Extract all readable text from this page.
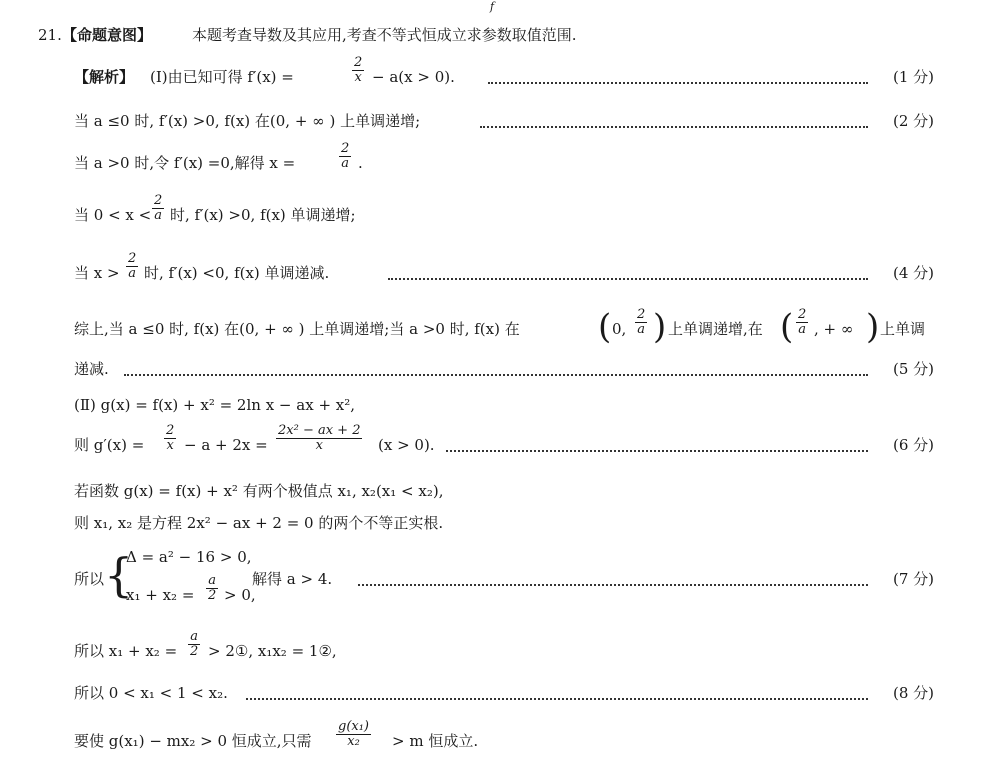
f
21. 【命题意图】	本题考查导数及其应用,考查不等式恒成立求参数取值范围.
【解析】 (Ⅰ)由已知可得 f′(x) =	$\frac{2}{x} - a(x > 0)$.	(1 分)
当 a ≤0 时, f′(x) >0, f(x) 在(0, + ∞ ) 上单调递增;	(2 分)
当 a >0 时,令 f′(x) =0,解得 x =	$\frac{2}{a}$ .
当 $0 < x < \frac{2}{a}$ 时, f′(x) >0, f(x) 单调递增;
当 $x > \frac{2}{a}$ 时, f′(x) <0, f(x) 单调递减.	(4 分)
综上,当 a ≤0 时, f(x) 在(0, + ∞ ) 上单调递增;当 a >0 时, f(x) 在 ( 0, $\frac{2}{a}$ ) 上单调递增,在 ( $\frac{2}{a}$ , + ∞ ) 上单调
递减.	(5 分)
(Ⅱ) g(x) = f(x) + x² = 2ln x − ax + x²,
则 $g'(x) = \frac{2}{x} - a + 2x = \frac{\text{2x² − ax + 2}}{x} (x > 0)$.	(6 分)
若函数 g(x) = f(x) + x² 有两个极值点 x₁, x₂(x₁ < x₂),
则 x₁, x₂ 是方程 2x² − ax + 2 = 0 的两个不等正实根.
所以 {
Δ = a² − 16 > 0,
$x_1 + x_2 = \frac{a}{2} > 0$,
解得 a > 4.	(7 分)
所以 $x_1 + x_2 = \frac{a}{2}$ > 2①, x₁x₂ = 1②,
所以 0 < x₁ < 1 < x₂.	(8 分)
要使 g(x₁) − mx₂ > 0 恒成立,只需 $\frac{\text{g(x₁)}}{\text{x₂}} > m$ 恒成立.
